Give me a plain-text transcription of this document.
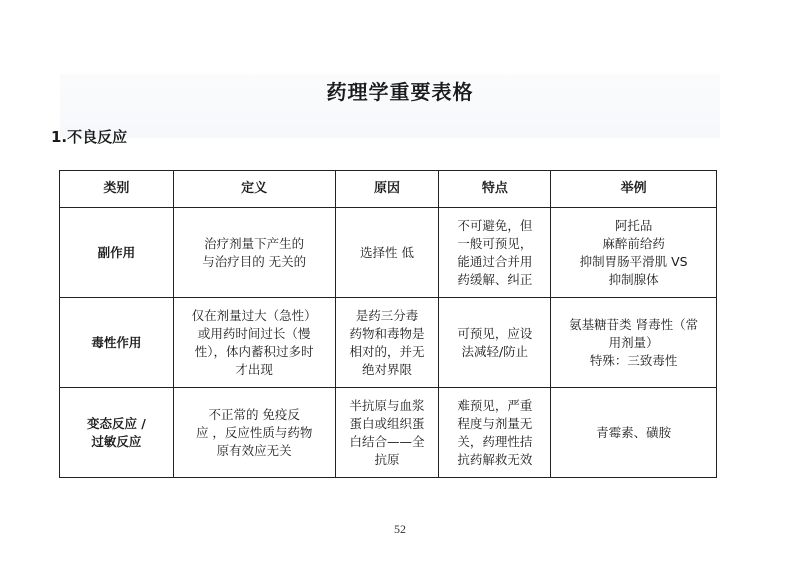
药理学重要表格
1.不良反应
类别	定义	原因	特点	举例

副作用	治疗剂量下产生的
与治疗目的 无关的	选择性 低	不可避免，但
一般可预见，
能通过合并用
药缓解、纠正	阿托品
麻醉前给药
抑制胃肠平滑肌 VS
抑制腺体

毒性作用	仅在剂量过大（急性）
或用药时间过长（慢
性），体内蓄积过多时
才出现	是药三分毒
药物和毒物是
相对的，并无
绝对界限	可预见，应设
法减轻/防止	氨基糖苷类 肾毒性（常
用剂量）
特殊：三致毒性

变态反应 /
过敏反应	不正常的 免疫反
应 ，反应性质与药物
原有效应无关	半抗原与血浆
蛋白或组织蛋
白结合——全
抗原	难预见，严重
程度与剂量无
关，药理性拮
抗药解救无效	青霉素、磺胺
52
